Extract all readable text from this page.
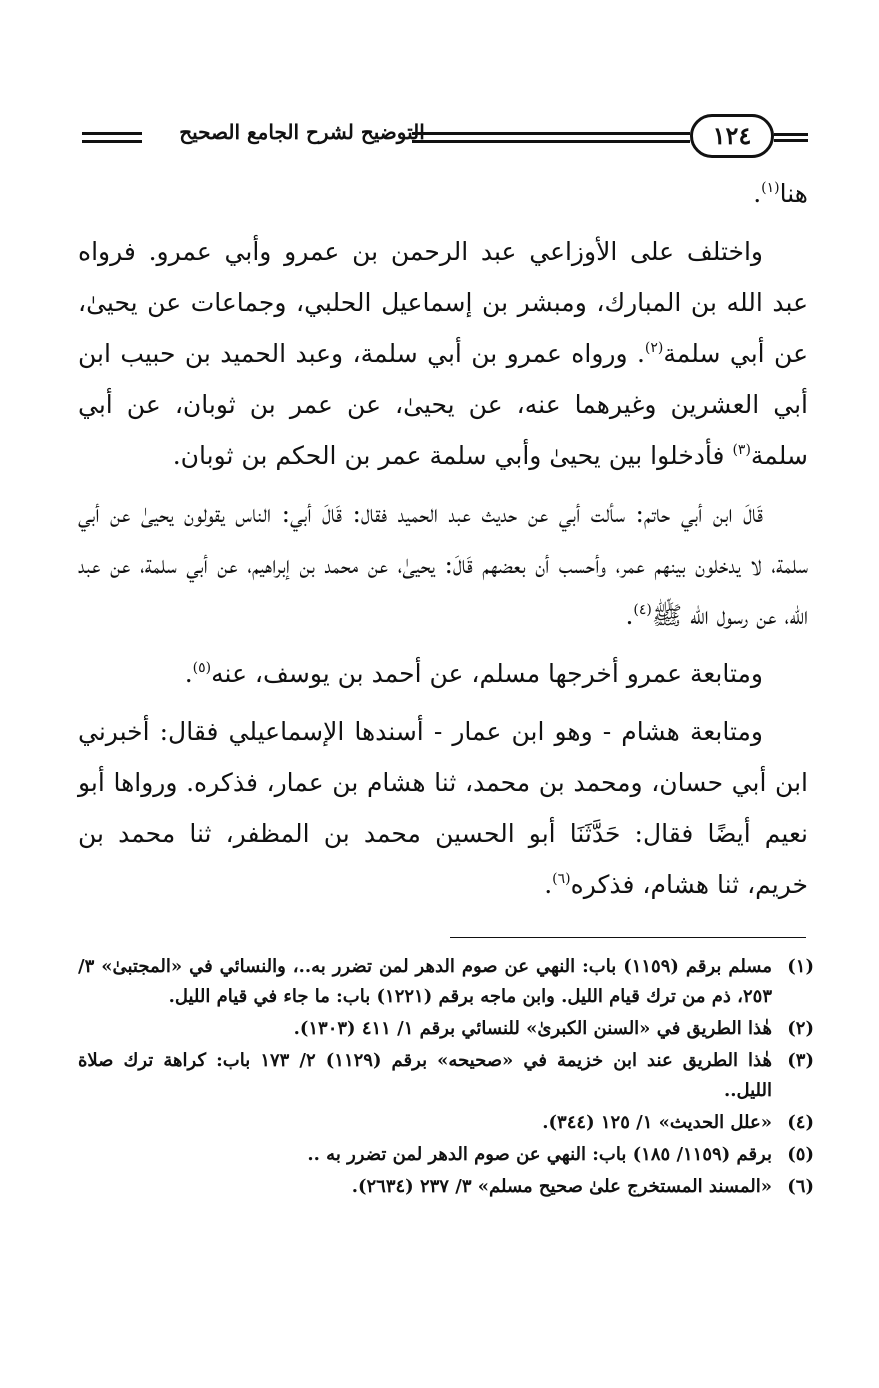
التوضيح لشرح الجامع الصحيح	١٢٤

هنا$^{(١)}$.

واختلف على الأوزاعي عبد الرحمن بن عمرو وأبي عمرو. فرواه عبد الله بن المبارك، ومبشر بن إسماعيل الحلبي، وجماعات عن يحيىٰ، عن أبي سلمة$^{(٢)}$. ورواه عمرو بن أبي سلمة، وعبد الحميد بن حبيب ابن أبي العشرين وغيرهما عنه، عن يحيىٰ، عن عمر بن ثوبان، عن أبي سلمة$^{(٣)}$ فأدخلوا بين يحيىٰ وأبي سلمة عمر بن الحكم بن ثوبان.

قَالَ ابن أبي حاتم: سألت أبي عن حديث عبد الحميد فقال: قَالَ أبي: الناس يقولون يحيىٰ عن أبي سلمة، لا يدخلون بينهم عمر، وأحسب أن بعضهم قَالَ: يحيىٰ، عن محمد بن إبراهيم، عن أبي سلمة، عن عبد الله، عن رسول الله ﷺ$^{(٤)}$.

ومتابعة عمرو أخرجها مسلم، عن أحمد بن يوسف، عنه$^{(٥)}$.

ومتابعة هشام - وهو ابن عمار - أسندها الإسماعيلي فقال: أخبرني ابن أبي حسان، ومحمد بن محمد، ثنا هشام بن عمار، فذكره. ورواها أبو نعيم أيضًا فقال: حَدَّثَنَا أبو الحسين محمد بن المظفر، ثنا محمد بن خريم، ثنا هشام، فذكره$^{(٦)}$.

(١)
مسلم برقم (١١٥٩) باب: النهي عن صوم الدهر لمن تضرر به..، والنسائي في «المجتبىٰ» ٣/ ٢٥٣، ذم من ترك قيام الليل. وابن ماجه برقم (١٢٢١) باب: ما جاء في قيام الليل.
(٢)
هٰذا الطريق في «السنن الكبرىٰ» للنسائي برقم ١/ ٤١١ (١٣٠٣).
(٣)
هٰذا الطريق عند ابن خزيمة في «صحيحه» برقم (١١٢٩) ٢/ ١٧٣ باب: كراهة ترك صلاة الليل..
(٤)
«علل الحديث» ١/ ١٢٥ (٣٤٤).
(٥)
برقم (١١٥٩/ ١٨٥) باب: النهي عن صوم الدهر لمن تضرر به ..
(٦)
«المسند المستخرج علىٰ صحيح مسلم» ٣/ ٢٣٧ (٢٦٣٤).
